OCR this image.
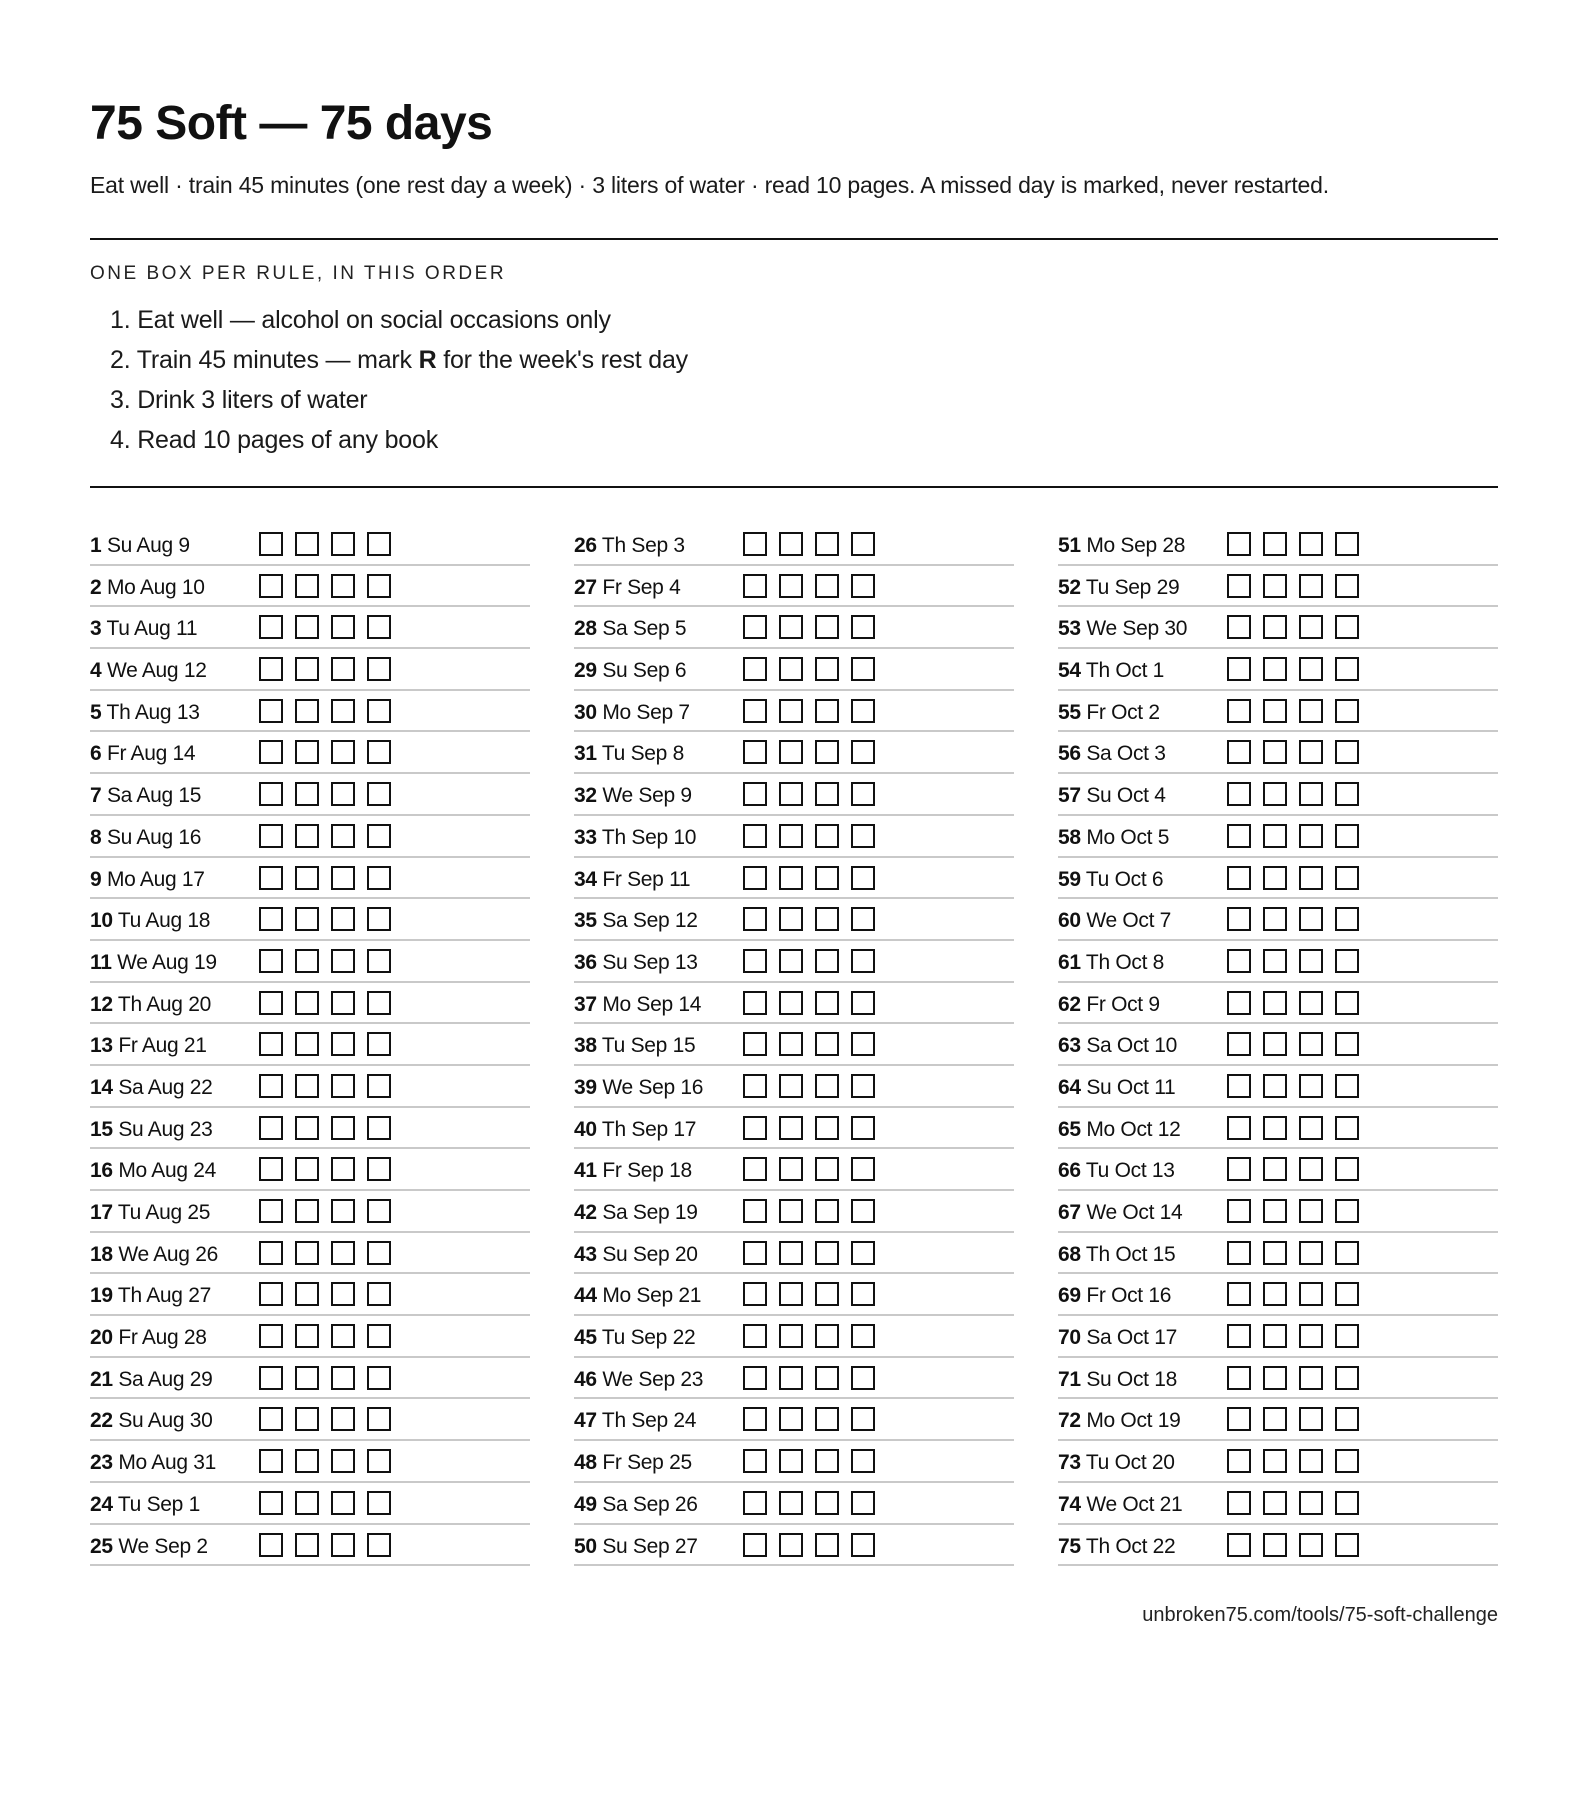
75 Soft — 75 days

Eat well · train 45 minutes (one rest day a week) · 3 liters of water · read 10 pages. A missed day is marked, never restarted.

ONE BOX PER RULE, IN THIS ORDER

1. Eat well — alcohol on social occasions only
2. Train 45 minutes — mark R for the week's rest day
3. Drink 3 liters of water
4. Read 10 pages of any book
1 Su Aug 9
2 Mo Aug 10
3 Tu Aug 11
4 We Aug 12
5 Th Aug 13
6 Fr Aug 14
7 Sa Aug 15
8 Su Aug 16
9 Mo Aug 17
10 Tu Aug 18
11 We Aug 19
12 Th Aug 20
13 Fr Aug 21
14 Sa Aug 22
15 Su Aug 23
16 Mo Aug 24
17 Tu Aug 25
18 We Aug 26
19 Th Aug 27
20 Fr Aug 28
21 Sa Aug 29
22 Su Aug 30
23 Mo Aug 31
24 Tu Sep 1
25 We Sep 2
26 Th Sep 3
27 Fr Sep 4
28 Sa Sep 5
29 Su Sep 6
30 Mo Sep 7
31 Tu Sep 8
32 We Sep 9
33 Th Sep 10
34 Fr Sep 11
35 Sa Sep 12
36 Su Sep 13
37 Mo Sep 14
38 Tu Sep 15
39 We Sep 16
40 Th Sep 17
41 Fr Sep 18
42 Sa Sep 19
43 Su Sep 20
44 Mo Sep 21
45 Tu Sep 22
46 We Sep 23
47 Th Sep 24
48 Fr Sep 25
49 Sa Sep 26
50 Su Sep 27
51 Mo Sep 28
52 Tu Sep 29
53 We Sep 30
54 Th Oct 1
55 Fr Oct 2
56 Sa Oct 3
57 Su Oct 4
58 Mo Oct 5
59 Tu Oct 6
60 We Oct 7
61 Th Oct 8
62 Fr Oct 9
63 Sa Oct 10
64 Su Oct 11
65 Mo Oct 12
66 Tu Oct 13
67 We Oct 14
68 Th Oct 15
69 Fr Oct 16
70 Sa Oct 17
71 Su Oct 18
72 Mo Oct 19
73 Tu Oct 20
74 We Oct 21
75 Th Oct 22

unbroken75.com/tools/75-soft-challenge
